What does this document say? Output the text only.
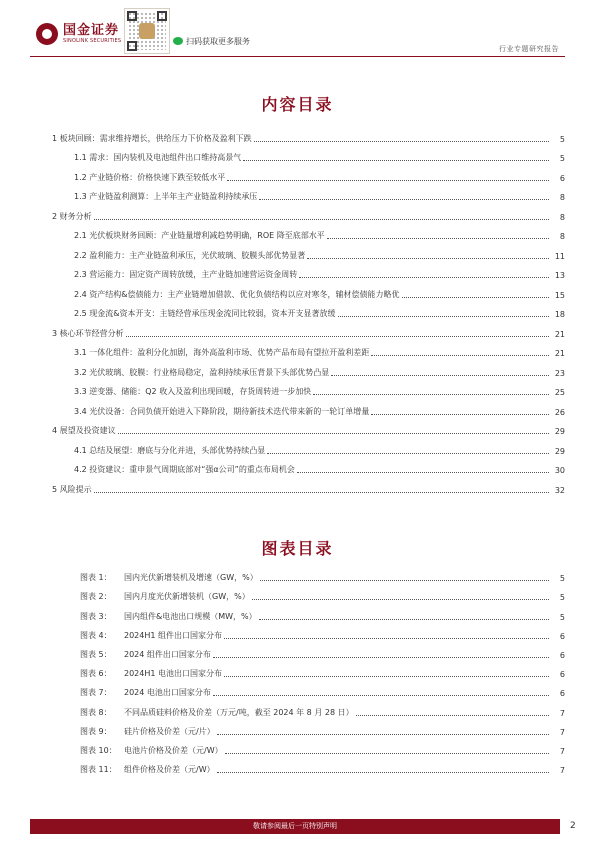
国金证券
SINOLINK SECURITIES	扫码获取更多服务
行业专题研究报告
内容目录
1 板块回顾：需求维持增长，供给压力下价格及盈利下跌	5
1.1 需求：国内装机及电池组件出口维持高景气	5
1.2 产业链价格：价格快速下跌至较低水平	6
1.3 产业链盈利测算：上半年主产业链盈利持续承压	8
2 财务分析	8
2.1 光伏板块财务回顾：产业链量增利减趋势明确，ROE 降至底部水平	8
2.2 盈利能力：主产业链盈利承压，光伏玻璃、胶膜头部优势显著	11
2.3 营运能力：固定资产周转放缓，主产业链加速营运资金周转	13
2.4 资产结构&偿债能力：主产业链增加借款、优化负债结构以应对寒冬，辅材偿债能力略优	15
2.5 现金流&资本开支：主链经营承压现金流同比较弱，资本开支显著放缓	18
3 核心环节经营分析	21
3.1 一体化组件：盈利分化加剧，海外高盈利市场、优势产品布局有望拉开盈利差距	21
3.2 光伏玻璃、胶膜：行业格局稳定，盈利持续承压背景下头部优势凸显	23
3.3 逆变器、储能：Q2 收入及盈利出现回暖，存货周转进一步加快	25
3.4 光伏设备：合同负债开始进入下降阶段，期待新技术迭代带来新的一轮订单增量	26
4 展望及投资建议	29
4.1 总结及展望：磨底与分化并进，头部优势持续凸显	29
4.2 投资建议：重申景气周期底部对“强α公司”的重点布局机会	30
5 风险提示	32
图表目录
图表 1：	国内光伏新增装机及增速（GW，%）	5
图表 2：	国内月度光伏新增装机（GW，%）	5
图表 3：	国内组件&电池出口规模（MW，%）	5
图表 4：	2024H1 组件出口国家分布	6
图表 5：	2024 组件出口国家分布	6
图表 6：	2024H1 电池出口国家分布	6
图表 7：	2024 电池出口国家分布	6
图表 8：	不同品质硅料价格及价差（万元/吨，截至 2024 年 8 月 28 日）	7
图表 9：	硅片价格及价差（元/片）	7
图表 10： 电池片价格及价差（元/W）	7
图表 11： 组件价格及价差（元/W）	7
敬请参阅最后一页特别声明	2
